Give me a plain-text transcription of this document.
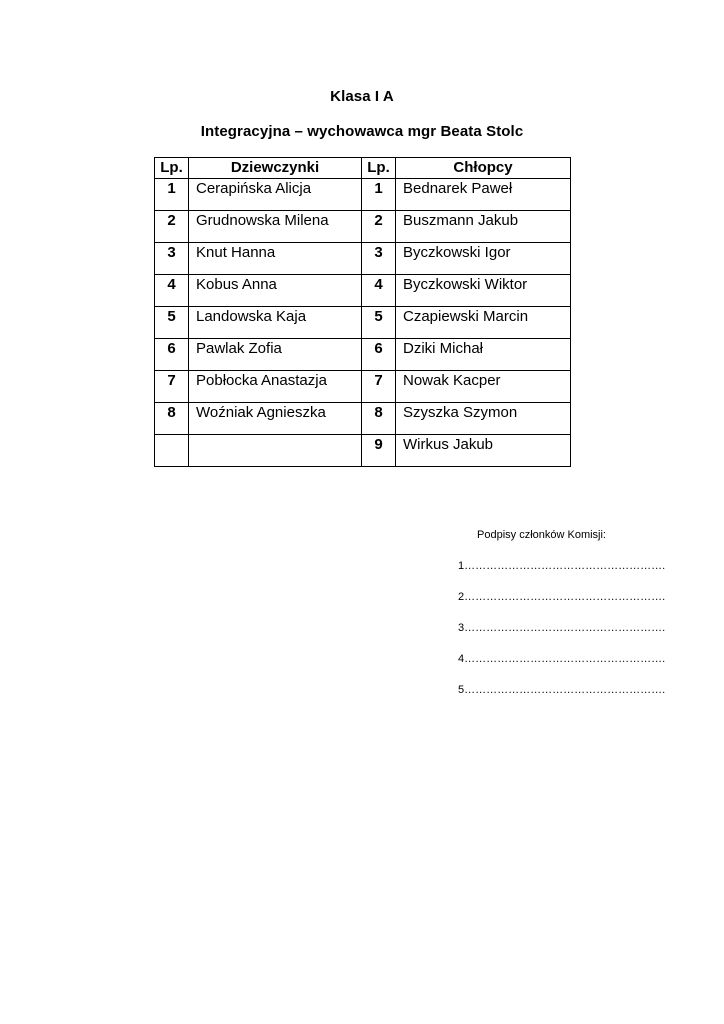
Klasa I A
Integracyjna – wychowawca mgr Beata Stolc
Lp.	Dziewczynki	Lp.	Chłopcy
1	Cerapińska Alicja	1	Bednarek Paweł
2	Grudnowska Milena	2	Buszmann Jakub
3	Knut Hanna	3	Byczkowski Igor
4	Kobus Anna	4	Byczkowski Wiktor
5	Landowska Kaja	5	Czapiewski Marcin
6	Pawlak Zofia	6	Dziki Michał
7	Pobłocka Anastazja	7	Nowak Kacper
8	Woźniak Agnieszka	8	Szyszka Szymon
		9	Wirkus Jakub
Podpisy członków Komisji:
1……………………………………………….
2……………………………………………….
3……………………………………………….
4……………………………………………….
5……………………………………………….
